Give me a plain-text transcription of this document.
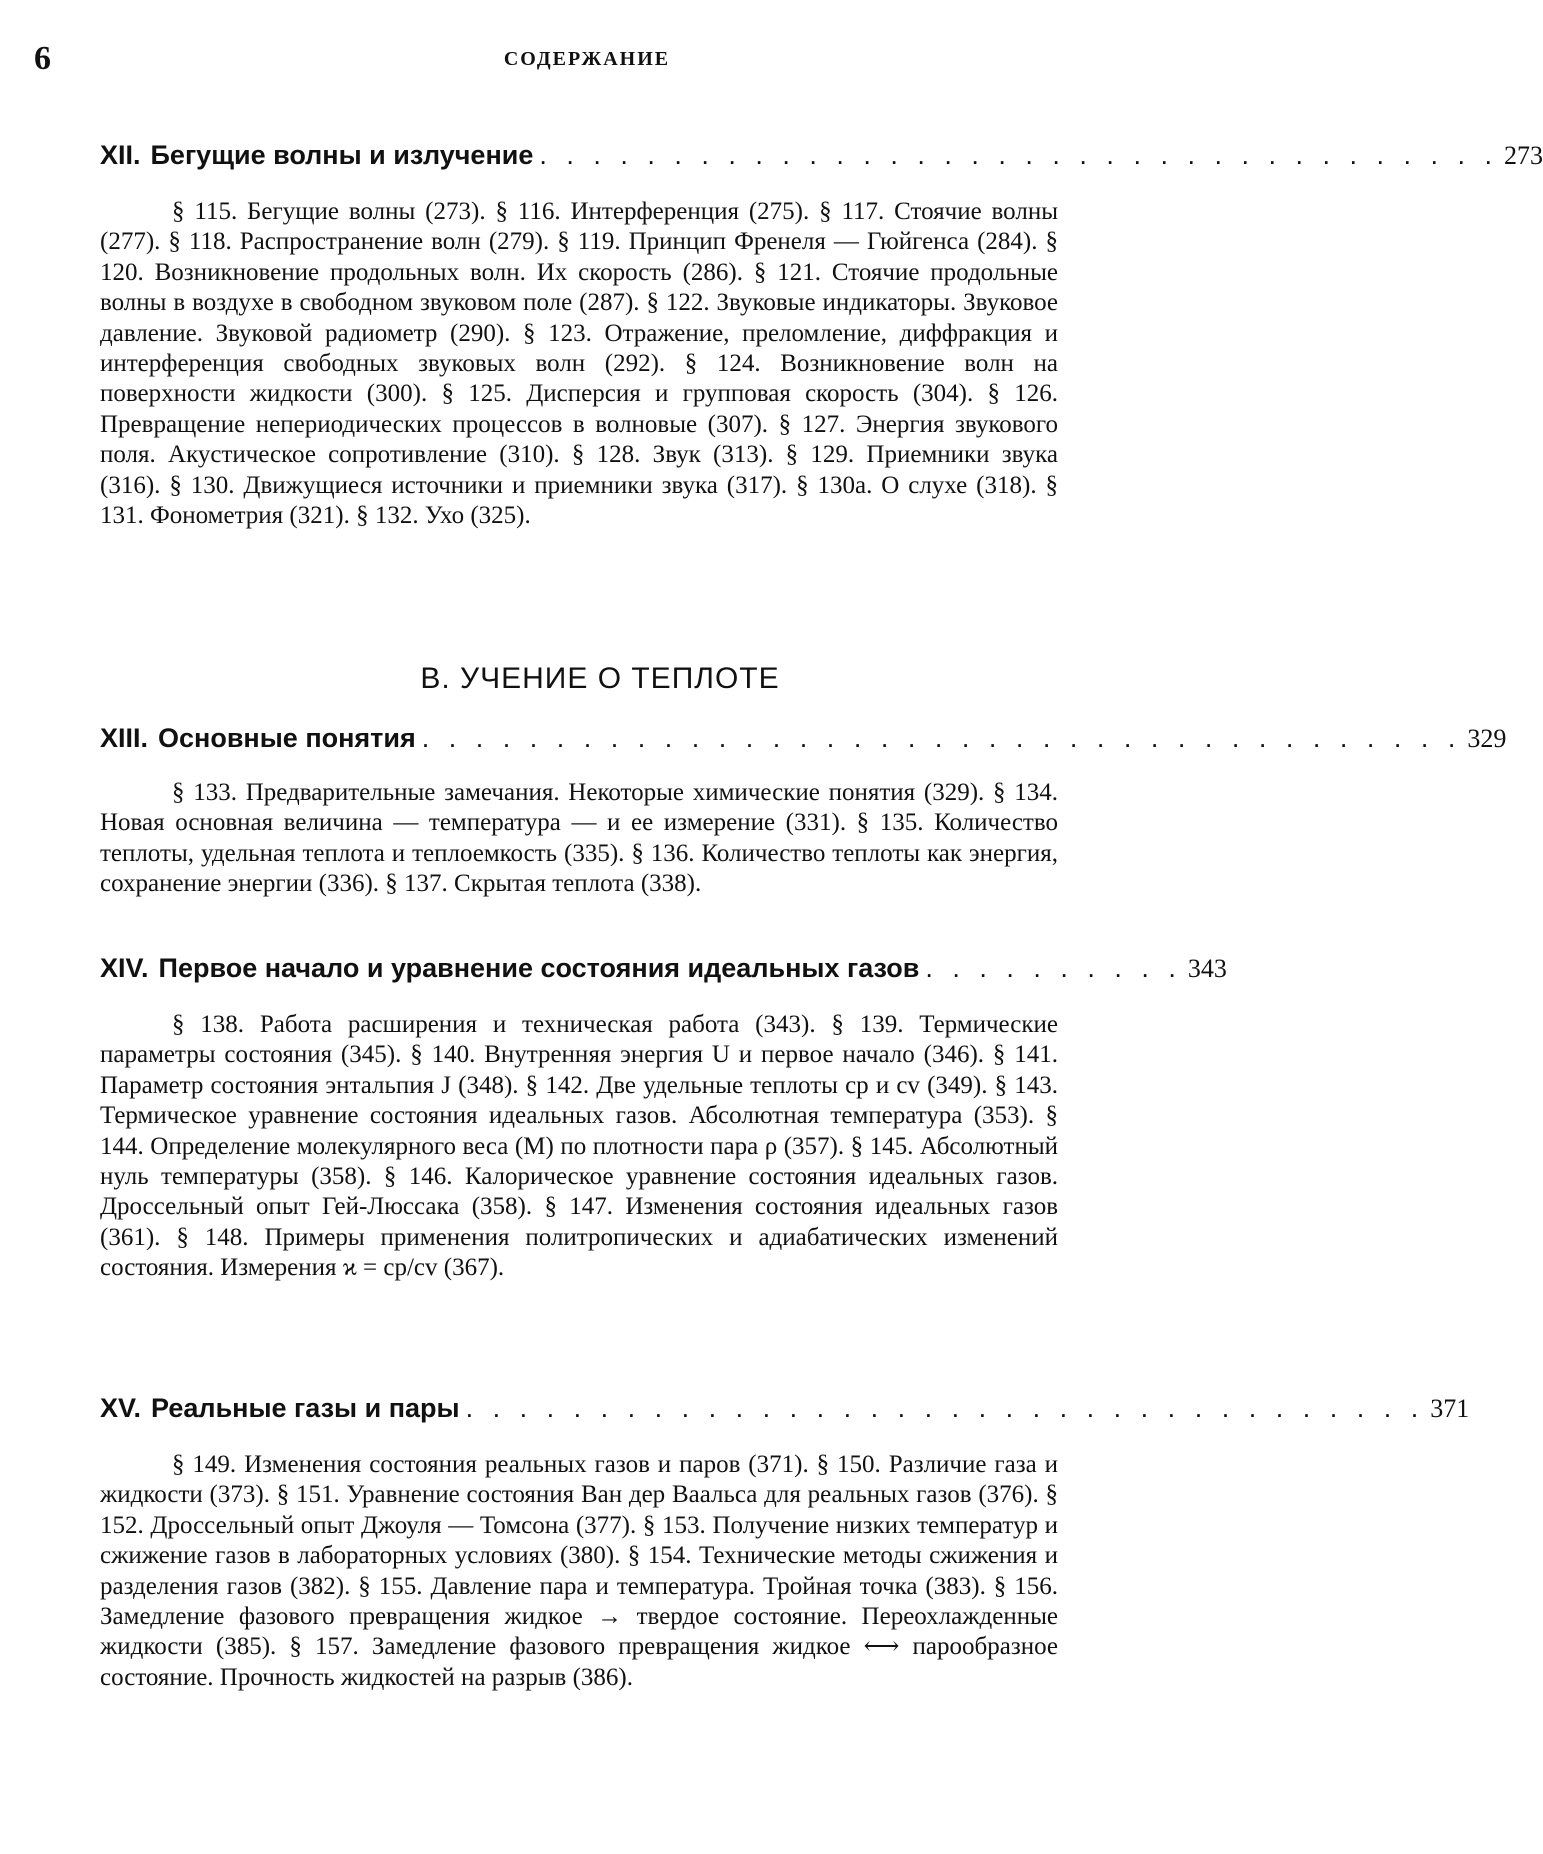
6	СОДЕРЖАНИЕ
XII. Бегущие волны и излучение . . . . . . . . . . . . . . . . . . . . . . . . . . . . . . . . . . . . 273
§ 115. Бегущие волны (273). § 116. Интерференция (275). § 117. Стоячие волны (277). § 118. Распространение волн (279). § 119. Принцип Френеля — Гюйгенса (284). § 120. Возникновение продольных волн. Их скорость (286). § 121. Стоячие продольные волны в воздухе в свободном звуковом поле (287). § 122. Звуковые индикаторы. Звуковое давление. Звуковой радиометр (290). § 123. Отражение, преломление, диффракция и интерференция свободных звуковых волн (292). § 124. Возникновение волн на поверхности жидкости (300). § 125. Дисперсия и групповая скорость (304). § 126. Превращение непериодических процессов в волновые (307). § 127. Энергия звукового поля. Акустическое сопротивление (310). § 128. Звук (313). § 129. Приемники звука (316). § 130. Движущиеся источники и приемники звука (317). § 130а. О слухе (318). § 131. Фонометрия (321). § 132. Ухо (325).
В. УЧЕНИЕ О ТЕПЛОТЕ
XIII. Основные понятия . . . . . . . . . . . . . . . . . . . . . . . . . . . . . . . . . . . . . . . 329
§ 133. Предварительные замечания. Некоторые химические понятия (329). § 134. Новая основная величина — температура — и ее измерение (331). § 135. Количество теплоты, удельная теплота и теплоемкость (335). § 136. Количество теплоты как энергия, сохранение энергии (336). § 137. Скрытая теплота (338).
XIV. Первое начало и уравнение состояния идеальных газов . . . . . . . . . . 343
§ 138. Работа расширения и техническая работа (343). § 139. Термические параметры состояния (345). § 140. Внутренняя энергия U и первое начало (346). § 141. Параметр состояния энтальпия J (348). § 142. Две удельные теплоты cp и cv (349). § 143. Термическое уравнение состояния идеальных газов. Абсолютная температура (353). § 144. Определение молекулярного веса (M) по плотности пара ρ (357). § 145. Абсолютный нуль температуры (358). § 146. Калорическое уравнение состояния идеальных газов. Дроссельный опыт Гей-Люссака (358). § 147. Изменения состояния идеальных газов (361). § 148. Примеры применения политропических и адиабатических изменений состояния. Измерения ϰ = cp/cv (367).
XV. Реальные газы и пары . . . . . . . . . . . . . . . . . . . . . . . . . . . . . . . . . . . . 371
§ 149. Изменения состояния реальных газов и паров (371). § 150. Различие газа и жидкости (373). § 151. Уравнение состояния Ван дер Ваальса для реальных газов (376). § 152. Дроссельный опыт Джоуля — Томсона (377). § 153. Получение низких температур и сжижение газов в лабораторных условиях (380). § 154. Технические методы сжижения и разделения газов (382). § 155. Давление пара и температура. Тройная точка (383). § 156. Замедление фазового превращения жидкое → твердое состояние. Переохлажденные жидкости (385). § 157. Замедление фазового превращения жидкое ⟷ парообразное состояние. Прочность жидкостей на разрыв (386).
